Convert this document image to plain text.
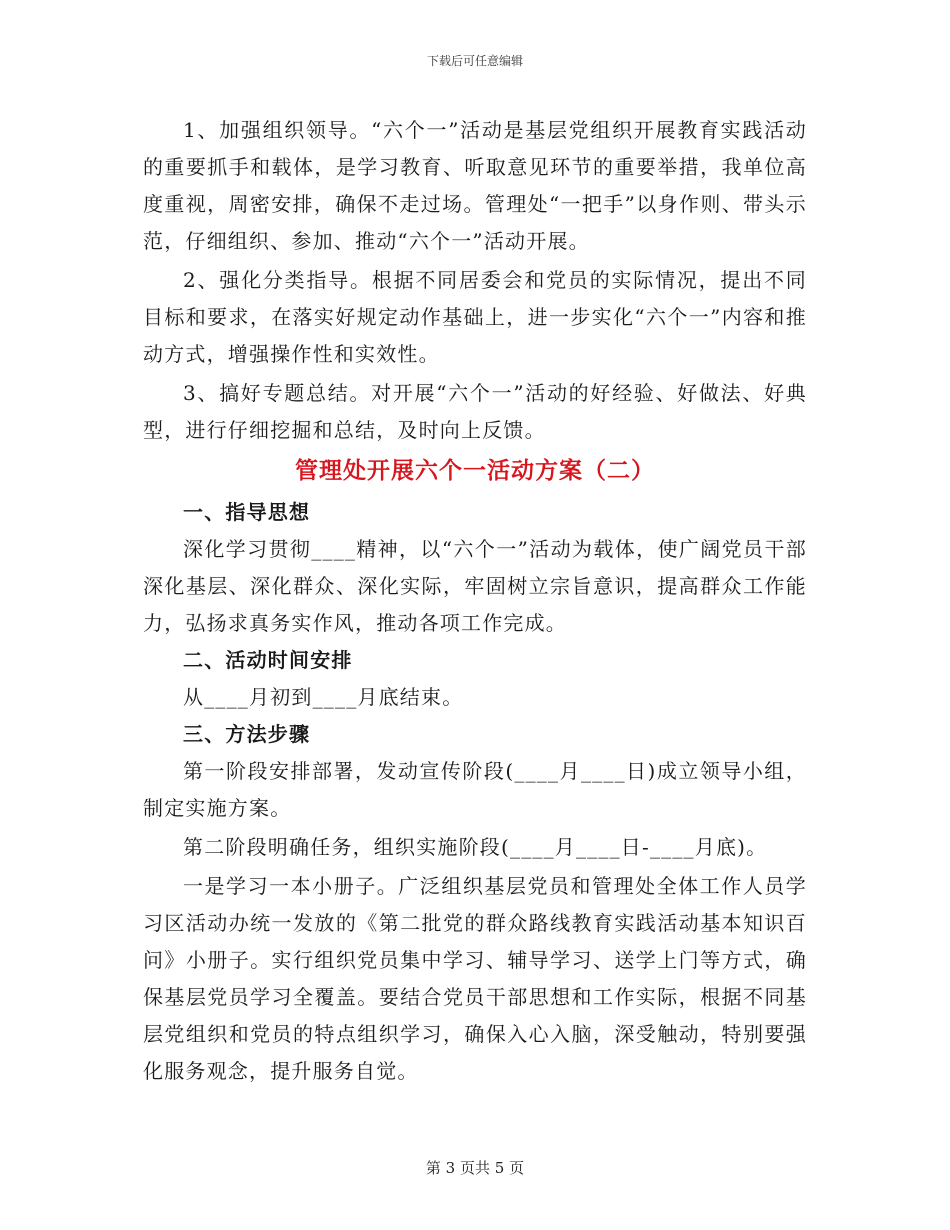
下载后可任意编辑

1、加强组织领导。“六个一”活动是基层党组织开展教育实践活动的重要抓手和载体，是学习教育、听取意见环节的重要举措，我单位高度重视，周密安排，确保不走过场。管理处“一把手”以身作则、带头示范，仔细组织、参加、推动“六个一”活动开展。

2、强化分类指导。根据不同居委会和党员的实际情况，提出不同目标和要求，在落实好规定动作基础上，进一步实化“六个一”内容和推动方式，增强操作性和实效性。

3、搞好专题总结。对开展“六个一”活动的好经验、好做法、好典型，进行仔细挖掘和总结，及时向上反馈。

管理处开展六个一活动方案（二）
一、指导思想

深化学习贯彻____精神，以“六个一”活动为载体，使广阔党员干部深化基层、深化群众、深化实际，牢固树立宗旨意识，提高群众工作能力，弘扬求真务实作风，推动各项工作完成。

二、活动时间安排

从____月初到____月底结束。

三、方法步骤

第一阶段安排部署，发动宣传阶段(____月____日)成立领导小组，制定实施方案。

第二阶段明确任务，组织实施阶段(____月____日-____月底)。

一是学习一本小册子。广泛组织基层党员和管理处全体工作人员学习区活动办统一发放的《第二批党的群众路线教育实践活动基本知识百问》小册子。实行组织党员集中学习、辅导学习、送学上门等方式，确保基层党员学习全覆盖。要结合党员干部思想和工作实际，根据不同基层党组织和党员的特点组织学习，确保入心入脑，深受触动，特别要强化服务观念，提升服务自觉。

第 3 页共 5 页
